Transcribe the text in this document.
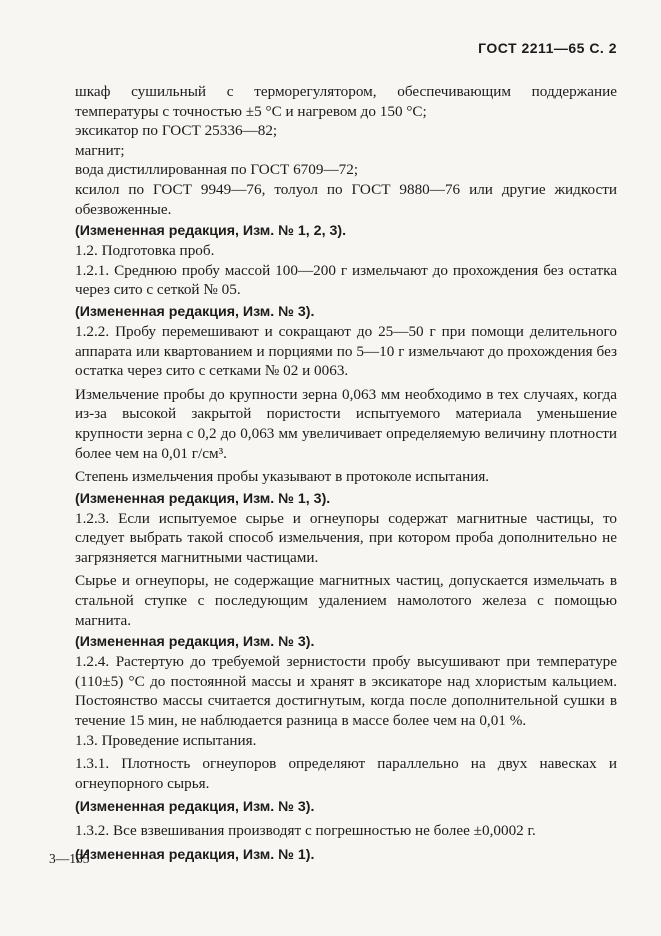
ГОСТ 2211—65 С. 2

шкаф сушильный с терморегулятором, обеспечивающим поддержание температуры с точностью ±5 °С и нагревом до 150 °С;

эксикатор по ГОСТ 25336—82;

магнит;

вода дистиллированная по ГОСТ 6709—72;

ксилол по ГОСТ 9949—76, толуол по ГОСТ 9880—76 или другие жидкости обезвоженные.

(Измененная редакция, Изм. № 1, 2, 3).

1.2. Подготовка проб.

1.2.1. Среднюю пробу массой 100—200 г измельчают до прохождения без остатка через сито с сеткой № 05.

(Измененная редакция, Изм. № 3).

1.2.2. Пробу перемешивают и сокращают до 25—50 г при помощи делительного аппарата или квартованием и порциями по 5—10 г измельчают до прохождения без остатка через сито с сетками № 02 и 0063.

Измельчение пробы до крупности зерна 0,063 мм необходимо в тех случаях, когда из-за высокой закрытой пористости испытуемого материала уменьшение крупности зерна с 0,2 до 0,063 мм увеличивает определяемую величину плотности более чем на 0,01 г/см³.

Степень измельчения пробы указывают в протоколе испытания.

(Измененная редакция, Изм. № 1, 3).

1.2.3. Если испытуемое сырье и огнеупоры содержат магнитные частицы, то следует выбрать такой способ измельчения, при котором проба дополнительно не загрязняется магнитными частицами.

Сырье и огнеупоры, не содержащие магнитных частиц, допускается измельчать в стальной ступке с последующим удалением намолотого железа с помощью магнита.

(Измененная редакция, Изм. № 3).

1.2.4. Растертую до требуемой зернистости пробу высушивают при температуре (110±5) °С до постоянной массы и хранят в эксикаторе над хлористым кальцием. Постоянство массы считается достигнутым, когда после дополнительной сушки в течение 15 мин, не наблюдается разница в массе более чем на 0,01 %.

1.3. Проведение испытания.

1.3.1. Плотность огнеупоров определяют параллельно на двух навесках и огнеупорного сырья.

(Измененная редакция, Изм. № 3).

1.3.2. Все взвешивания производят с погрешностью не более ±0,0002 г.

(Измененная редакция, Изм. № 1).

3—135
